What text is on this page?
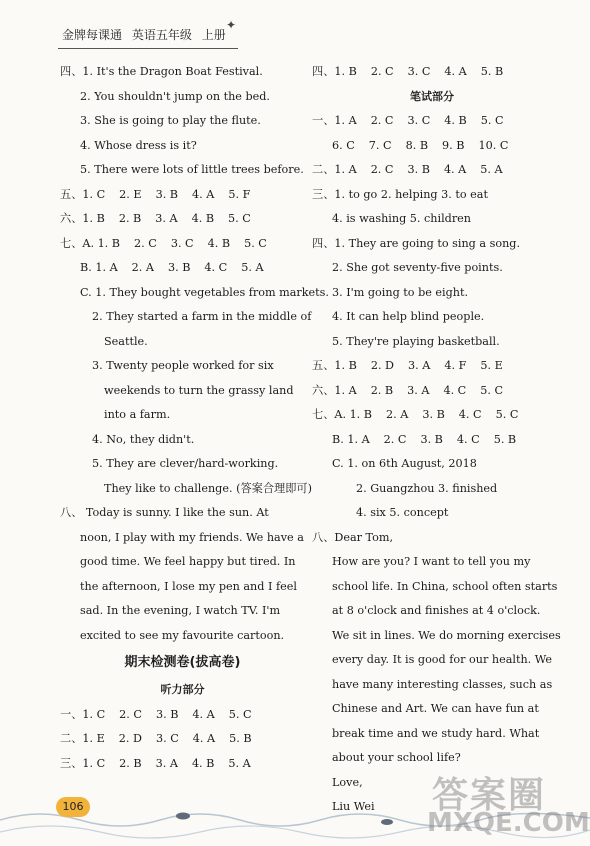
金牌每课通 英语五年级 上册
✦
四、1. It's the Dragon Boat Festival.
2. You shouldn't jump on the bed.
3. She is going to play the flute.
4. Whose dress is it?
5. There were lots of little trees before.
五、1. C 2. E 3. B 4. A 5. F
六、1. B 2. B 3. A 4. B 5. C
七、A. 1. B 2. C 3. C 4. B 5. C
B. 1. A 2. A 3. B 4. C 5. A
C. 1. They bought vegetables from markets.
2. They started a farm in the middle of
Seattle.
3. Twenty people worked for six
weekends to turn the grassy land
into a farm.
4. No, they didn't.
5. They are clever/hard-working.
They like to challenge. (答案合理即可)
八、 Today is sunny. I like the sun. At
noon, I play with my friends. We have a
good time. We feel happy but tired. In
the afternoon, I lose my pen and I feel
sad. In the evening, I watch TV. I'm
excited to see my favourite cartoon.
期末检测卷(拔高卷)
听力部分
一、1. C 2. C 3. B 4. A 5. C
二、1. E 2. D 3. C 4. A 5. B
三、1. C 2. B 3. A 4. B 5. A
四、1. B 2. C 3. C 4. A 5. B
笔试部分
一、1. A 2. C 3. C 4. B 5. C
6. C 7. C 8. B 9. B 10. C
二、1. A 2. C 3. B 4. A 5. A
三、1. to go 2. helping 3. to eat
4. is washing 5. children
四、1. They are going to sing a song.
2. She got seventy-five points.
3. I'm going to be eight.
4. It can help blind people.
5. They're playing basketball.
五、1. B 2. D 3. A 4. F 5. E
六、1. A 2. B 3. A 4. C 5. C
七、A. 1. B 2. A 3. B 4. C 5. C
B. 1. A 2. C 3. B 4. C 5. B
C. 1. on 6th August, 2018
2. Guangzhou 3. finished
4. six 5. concept
八、Dear Tom,
How are you? I want to tell you my
school life. In China, school often starts
at 8 o'clock and finishes at 4 o'clock.
We sit in lines. We do morning exercises
every day. It is good for our health. We
have many interesting classes, such as
Chinese and Art. We can have fun at
break time and we study hard. What
about your school life?
Love,
Liu Wei
106	答案圈
MXQE.COM
